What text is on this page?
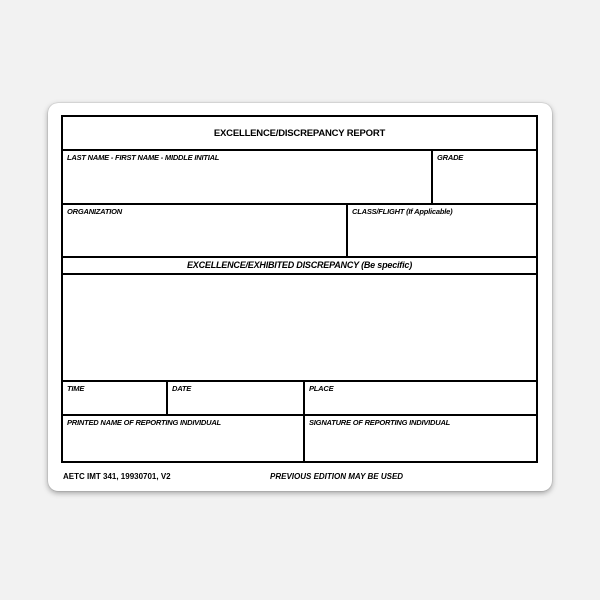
EXCELLENCE/DISCREPANCY REPORT
LAST NAME - FIRST NAME - MIDDLE INITIAL	GRADE
ORGANIZATION	CLASS/FLIGHT (If Applicable)
EXCELLENCE/EXHIBITED DISCREPANCY (Be specific)
TIME	DATE	PLACE
PRINTED NAME OF REPORTING INDIVIDUAL	SIGNATURE OF REPORTING INDIVIDUAL
AETC IMT 341, 19930701, V2	PREVIOUS EDITION MAY BE USED
